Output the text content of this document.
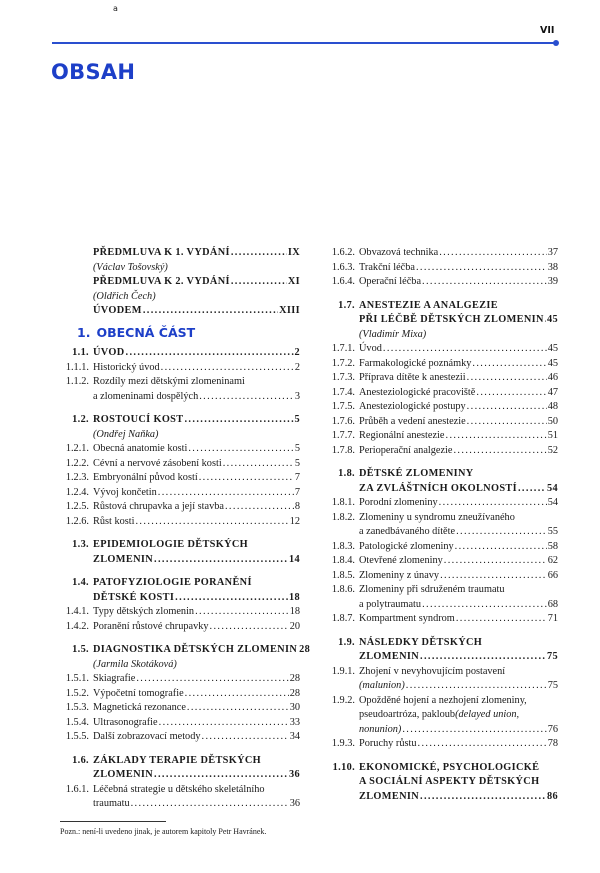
a
VII
OBSAH
PŘEDMLUVA K 1. VYDÁNÍ . . .	IX
(Václav Tošovský)
PŘEDMLUVA K 2. VYDÁNÍ . . .	XI
(Oldřich Čech)
ÚVODEM . . .	XIII
1. OBECNÁ ČÁST
1.1. ÚVOD . . .	2
1.1.1. Historický úvod . . .	2
1.1.2. Rozdíly mezi dětskými zlomeninami
a zlomeninami dospělých . . .	3
1.2. ROSTOUCÍ KOST . . .	5
(Ondřej Naňka)
1.2.1. Obecná anatomie kosti . . .	5
1.2.2. Cévní a nervové zásobení kosti . . .	5
1.2.3. Embryonální původ kostí . . .	7
1.2.4. Vývoj končetin . . .	7
1.2.5. Růstová chrupavka a její stavba . . .	8
1.2.6. Růst kosti . . .	12
1.3. EPIDEMIOLOGIE DĚTSKÝCH
ZLOMENIN . . .	14
1.4. PATOFYZIOLOGIE PORANĚNÍ
DĚTSKÉ KOSTI . . .	18
1.4.1. Typy dětských zlomenin . . .	18
1.4.2. Poranění růstové chrupavky . . .	20
1.5. DIAGNOSTIKA DĚTSKÝCH ZLOMENIN 28
(Jarmila Skotáková)
1.5.1. Skiagrafie . . .	28
1.5.2. Výpočetní tomografie . . .	28
1.5.3. Magnetická rezonance . . .	30
1.5.4. Ultrasonografie . . .	33
1.5.5. Další zobrazovací metody . . .	34
1.6. ZÁKLADY TERAPIE DĚTSKÝCH
ZLOMENIN . . .	36
1.6.1. Léčebná strategie u dětského skeletálního
traumatu . . .	36
1.6.2. Obvazová technika . . .	37
1.6.3. Trakční léčba . . .	38
1.6.4. Operační léčba . . .	39
1.7. ANESTEZIE A ANALGEZIE
PŘI LÉČBĚ DĚTSKÝCH ZLOMENIN . . . 45
(Vladimír Mixa)
1.7.1. Úvod . . .	45
1.7.2. Farmakologické poznámky . . .	45
1.7.3. Příprava dítěte k anestezii . . .	46
1.7.4. Anesteziologické pracoviště . . .	47
1.7.5. Anesteziologické postupy . . .	48
1.7.6. Průběh a vedení anestezie . . .	50
1.7.7. Regionální anestezie . . .	51
1.7.8. Perioperační analgezie . . .	52
1.8. DĚTSKÉ ZLOMENINY
ZA ZVLÁŠTNÍCH OKOLNOSTÍ . . .	54
1.8.1. Porodní zlomeniny . . .	54
1.8.2. Zlomeniny u syndromu zneužívaného
a zanedbávaného dítěte . . .	55
1.8.3. Patologické zlomeniny . . .	58
1.8.4. Otevřené zlomeniny . . .	62
1.8.5. Zlomeniny z únavy . . .	66
1.8.6. Zlomeniny při sdruženém traumatu
a polytraumatu . . .	68
1.8.7. Kompartment syndrom . . .	71
1.9. NÁSLEDKY DĚTSKÝCH
ZLOMENIN . . .	75
1.9.1. Zhojení v nevyhovujícím postavení
(malunion) . . .	75
1.9.2. Opožděné hojení a nezhojení zlomeniny,
pseudoartróza, pakloub (delayed union,
nonunion) . . .	76
1.9.3. Poruchy růstu . . .	78
1.10. EKONOMICKÉ, PSYCHOLOGICKÉ
A SOCIÁLNÍ ASPEKTY DĚTSKÝCH
ZLOMENIN . . .	86
Pozn.: není-li uvedeno jinak, je autorem kapitoly Petr Havránek.
